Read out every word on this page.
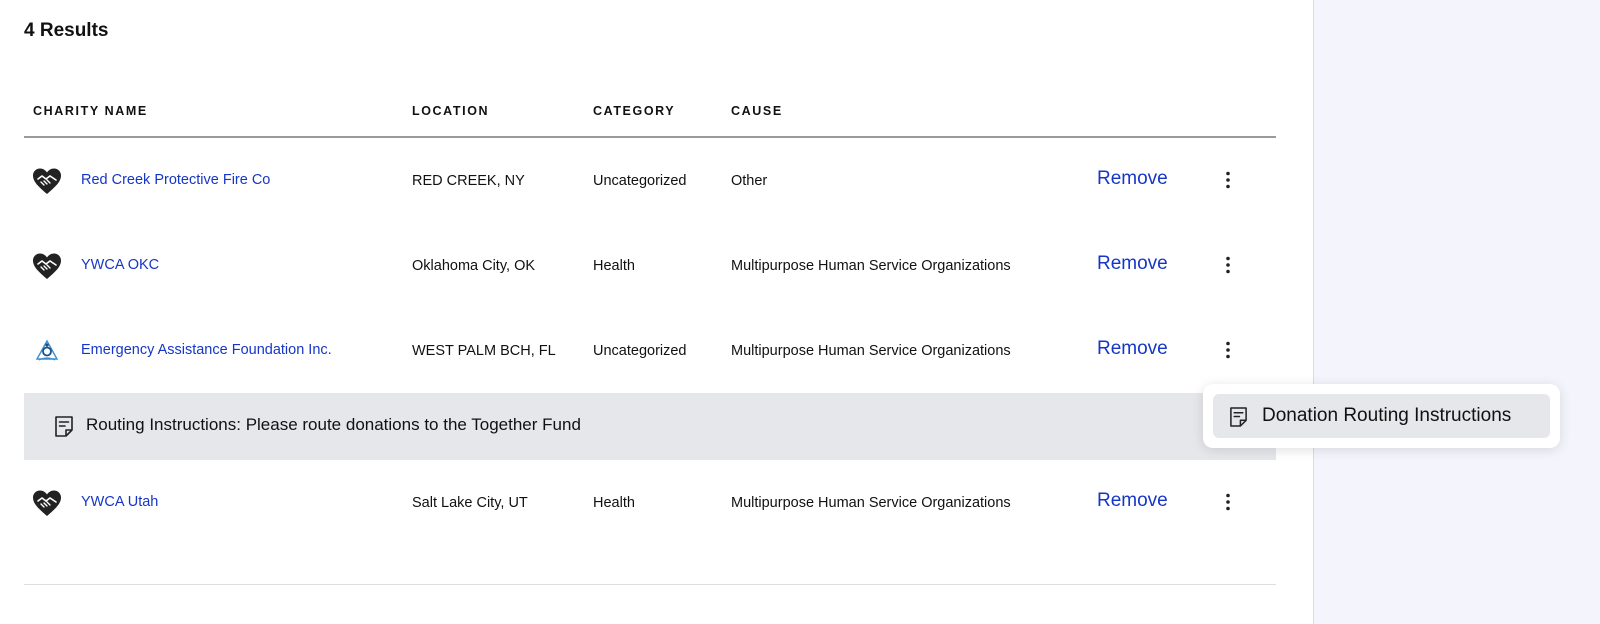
4 Results
CHARITY NAME	LOCATION	CATEGORY	CAUSE
Red Creek Protective Fire Co	RED CREEK, NY	Uncategorized	Other	Remove
YWCA OKC	Oklahoma City, OK	Health	Multipurpose Human Service Organizations	Remove
Emergency Assistance Foundation Inc.	WEST PALM BCH, FL	Uncategorized	Multipurpose Human Service Organizations	Remove
Routing Instructions: Please route donations to the Together Fund
YWCA Utah	Salt Lake City, UT	Health	Multipurpose Human Service Organizations	Remove
Donation Routing Instructions
